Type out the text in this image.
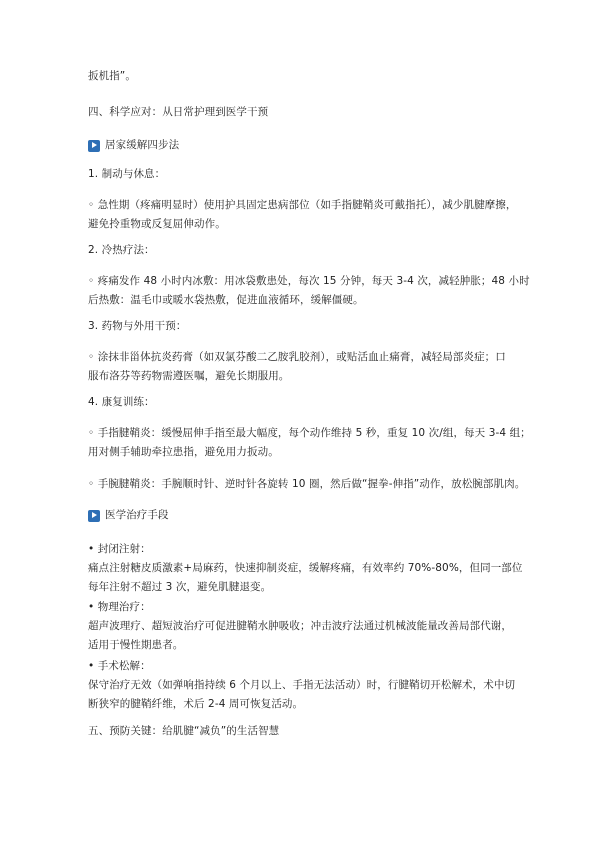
扳机指”。
四、科学应对：从日常护理到医学干预
居家缓解四步法
1. 制动与休息：
◦ 急性期（疼痛明显时）使用护具固定患病部位（如手指腱鞘炎可戴指托），减少肌腱摩擦，
避免拎重物或反复屈伸动作。
2. 冷热疗法：
◦ 疼痛发作 48 小时内冰敷：用冰袋敷患处，每次 15 分钟，每天 3-4 次，减轻肿胀；48 小时
后热敷：温毛巾或暖水袋热敷，促进血液循环，缓解僵硬。
3. 药物与外用干预：
◦ 涂抹非甾体抗炎药膏（如双氯芬酸二乙胺乳胶剂），或贴活血止痛膏，减轻局部炎症；口
服布洛芬等药物需遵医嘱，避免长期服用。
4. 康复训练：
◦ 手指腱鞘炎：缓慢屈伸手指至最大幅度，每个动作维持 5 秒，重复 10 次/组，每天 3-4 组；
用对侧手辅助牵拉患指，避免用力扳动。
◦ 手腕腱鞘炎：手腕顺时针、逆时针各旋转 10 圈，然后做“握拳-伸指”动作，放松腕部肌肉。
医学治疗手段
• 封闭注射：
痛点注射糖皮质激素+局麻药，快速抑制炎症，缓解疼痛，有效率约 70%-80%，但同一部位
每年注射不超过 3 次，避免肌腱退变。
• 物理治疗：
超声波理疗、超短波治疗可促进腱鞘水肿吸收；冲击波疗法通过机械波能量改善局部代谢，
适用于慢性期患者。
• 手术松解：
保守治疗无效（如弹响指持续 6 个月以上、手指无法活动）时，行腱鞘切开松解术，术中切
断狭窄的腱鞘纤维，术后 2-4 周可恢复活动。
五、预防关键：给肌腱“减负”的生活智慧
